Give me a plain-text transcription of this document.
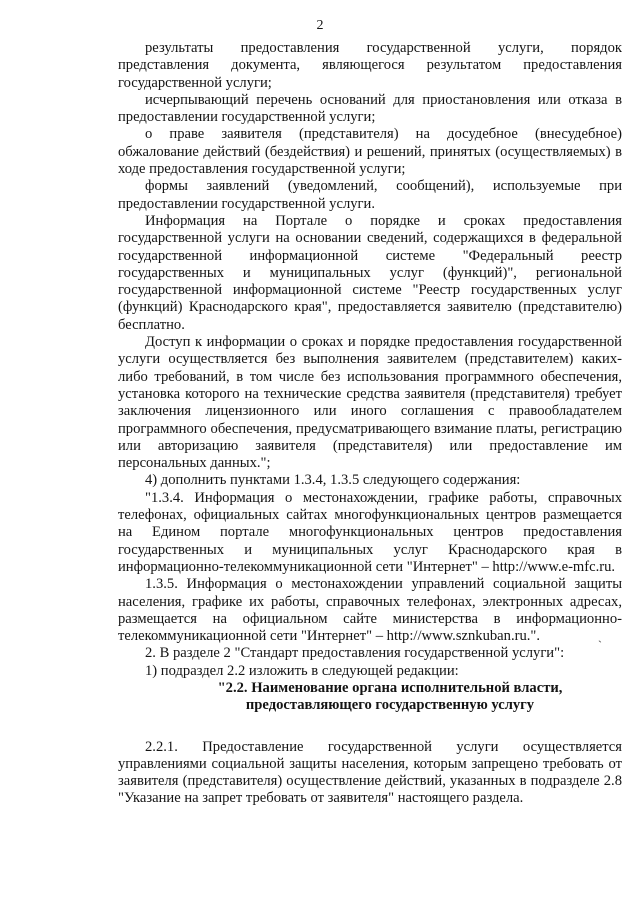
2

результаты предоставления государственной услуги, порядок представления документа, являющегося результатом предоставления государственной услуги;

исчерпывающий перечень оснований для приостановления или отказа в предоставлении государственной услуги;

о праве заявителя (представителя) на досудебное (внесудебное) обжалование действий (бездействия) и решений, принятых (осуществляемых) в ходе предоставления государственной услуги;

формы заявлений (уведомлений, сообщений), используемые при предоставлении государственной услуги.

Информация на Портале о порядке и сроках предоставления государственной услуги на основании сведений, содержащихся в федеральной государственной информационной системе "Федеральный реестр государственных и муниципальных услуг (функций)", региональной государственной информационной системе "Реестр государственных услуг (функций) Краснодарского края", предоставляется заявителю (представителю) бесплатно.

Доступ к информации о сроках и порядке предоставления государственной услуги осуществляется без выполнения заявителем (представителем) каких-либо требований, в том числе без использования программного обеспечения, установка которого на технические средства заявителя (представителя) требует заключения лицензионного или иного соглашения с правообладателем программного обеспечения, предусматривающего взимание платы, регистрацию или авторизацию заявителя (представителя) или предоставление им персональных данных.";

4) дополнить пунктами 1.3.4, 1.3.5 следующего содержания:

"1.3.4. Информация о местонахождении, графике работы, справочных телефонах, официальных сайтах многофункциональных центров размещается на Едином портале многофункциональных центров предоставления государственных и муниципальных услуг Краснодарского края в информационно-телекоммуникационной сети "Интернет" – http://www.e-mfc.ru.

1.3.5. Информация о местонахождении управлений социальной защиты населения, графике их работы, справочных телефонах, электронных адресах, размещается на официальном сайте министерства в информационно-телекоммуникационной сети "Интернет" – http://www.sznkuban.ru.".

2. В разделе 2 "Стандарт предоставления государственной услуги":

1) подраздел 2.2 изложить в следующей редакции:

"2.2. Наименование органа исполнительной власти,

предоставляющего государственную услугу

2.2.1. Предоставление государственной услуги осуществляется управлениями социальной защиты населения, которым запрещено требовать от заявителя (представителя) осуществление действий, указанных в подразделе 2.8 "Указание на запрет требовать от заявителя" настоящего раздела.

`
